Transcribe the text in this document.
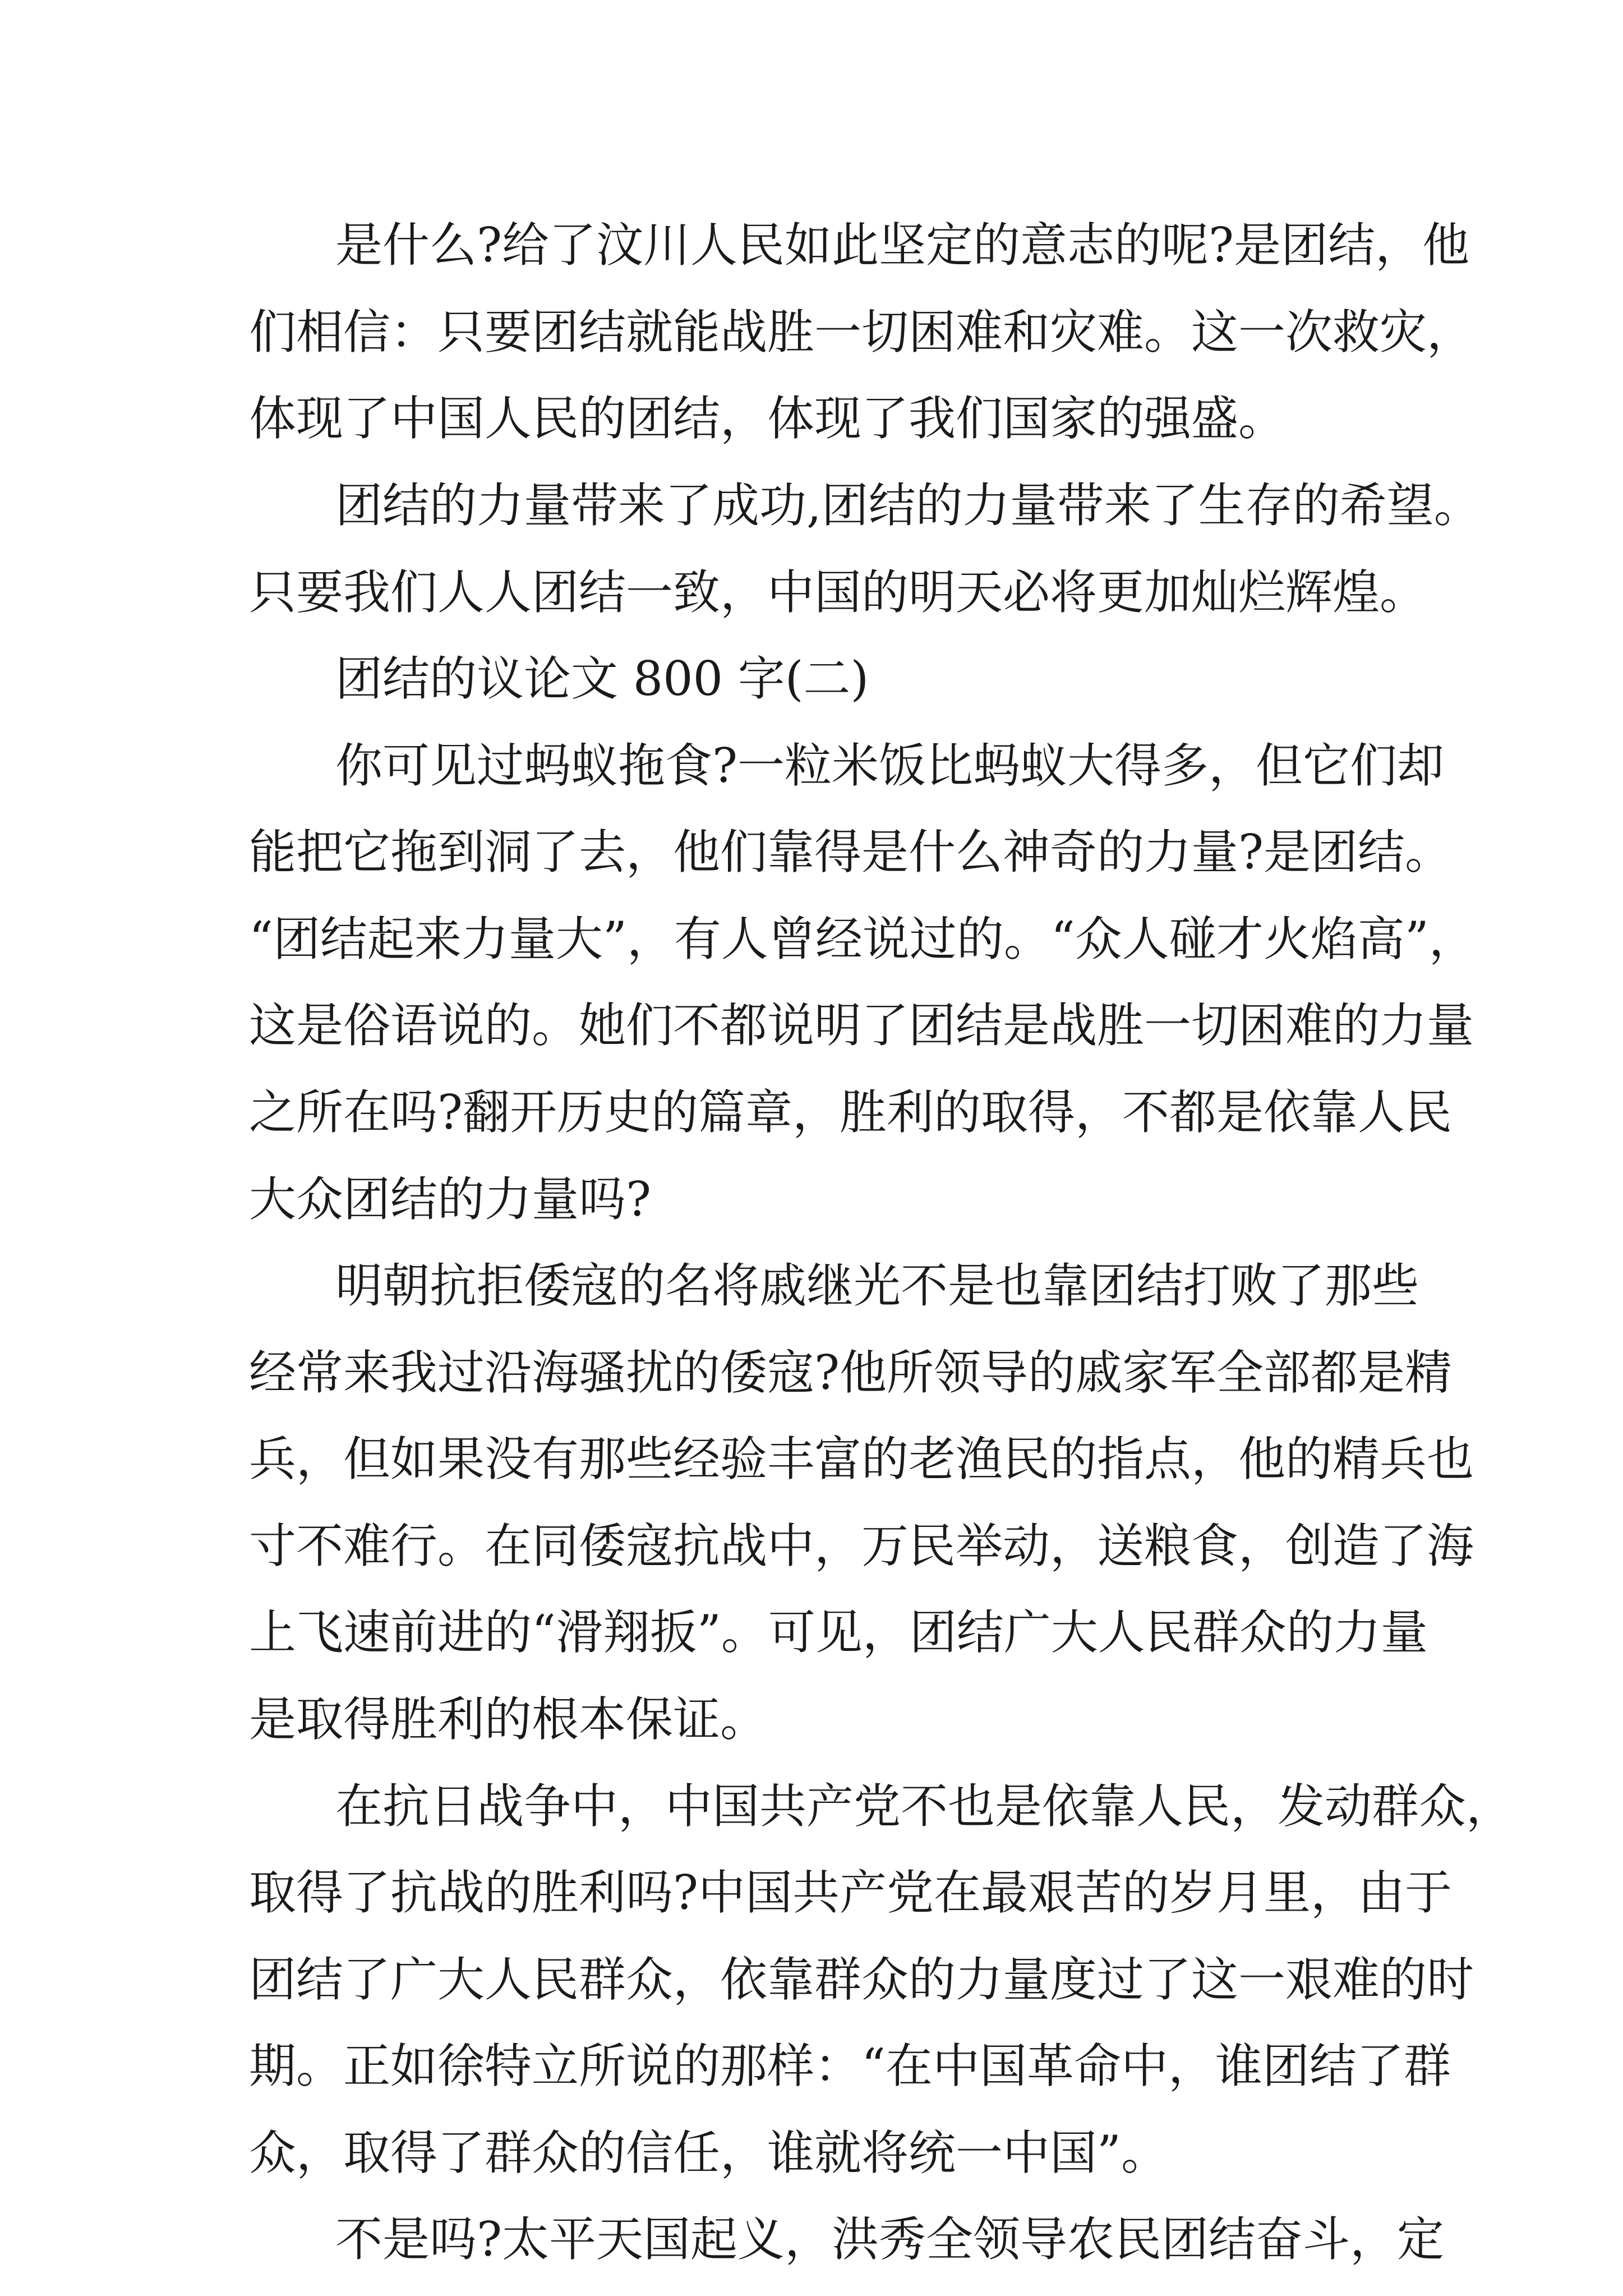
是什么?给了汶川人民如此坚定的意志的呢?是团结，他

们相信：只要团结就能战胜一切困难和灾难。这一次救灾，

体现了中国人民的团结，体现了我们国家的强盛。

团结的力量带来了成功,团结的力量带来了生存的希望。

只要我们人人团结一致，中国的明天必将更加灿烂辉煌。

团结的议论文 800 字(二)

你可见过蚂蚁拖食?一粒米饭比蚂蚁大得多，但它们却

能把它拖到洞了去，他们靠得是什么神奇的力量?是团结。

“团结起来力量大”，有人曾经说过的。“众人碰才火焰高”，

这是俗语说的。她们不都说明了团结是战胜一切困难的力量

之所在吗?翻开历史的篇章，胜利的取得，不都是依靠人民

大众团结的力量吗?

明朝抗拒倭寇的名将戚继光不是也靠团结打败了那些

经常来我过沿海骚扰的倭寇?他所领导的戚家军全部都是精

兵，但如果没有那些经验丰富的老渔民的指点，他的精兵也

寸不难行。在同倭寇抗战中，万民举动，送粮食，创造了海

上飞速前进的“滑翔扳”。可见，团结广大人民群众的力量

是取得胜利的根本保证。

在抗日战争中，中国共产党不也是依靠人民，发动群众，

取得了抗战的胜利吗?中国共产党在最艰苦的岁月里，由于

团结了广大人民群众，依靠群众的力量度过了这一艰难的时

期。正如徐特立所说的那样：“在中国革命中，谁团结了群

众，取得了群众的信任，谁就将统一中国”。

不是吗?太平天国起义，洪秀全领导农民团结奋斗，定
